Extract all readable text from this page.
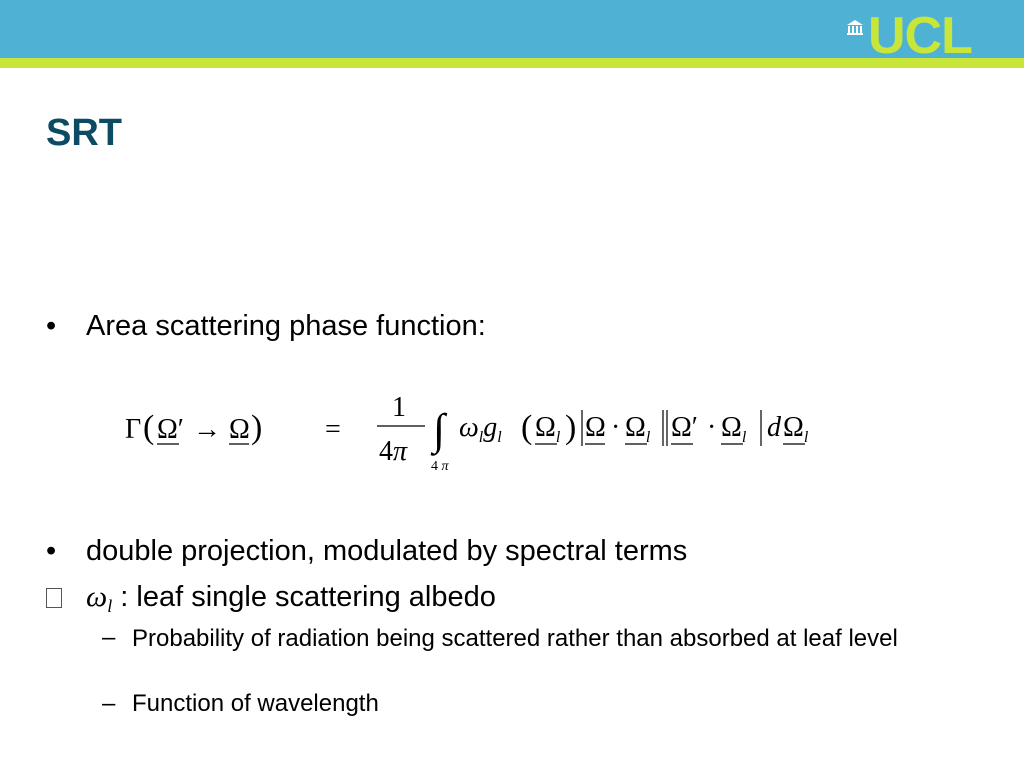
UCL
SRT
• Area scattering phase function:
Γ ( Ω′ → Ω ) =
1
4π ∫
4 π
$\omega_lg_l$ ( $\Omega_l$ ) $\Omega \cdot \Omega_l$ $\Omega' \cdot \Omega_l$ d $\Omega_l$
• double projection, modulated by spectral terms
$\omega_l$ : leaf single scattering albedo
– Probability of radiation being scattered rather than absorbed at leaf level
– Function of wavelength
